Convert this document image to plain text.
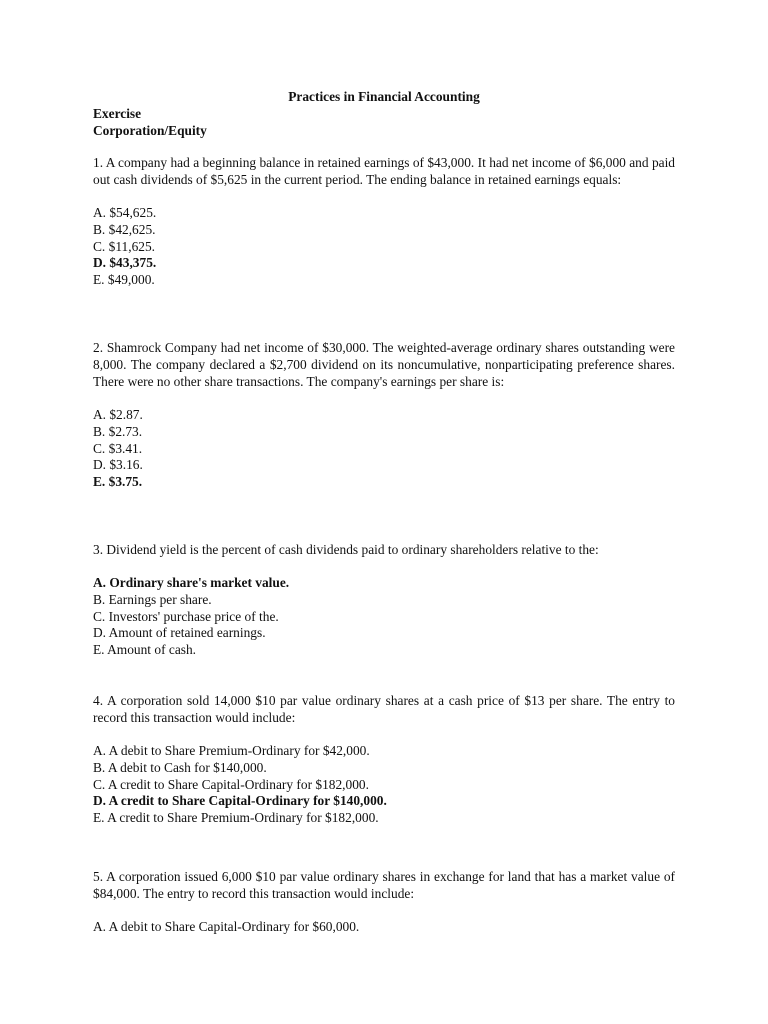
Practices in Financial Accounting

Exercise

Corporation/Equity

1. A company had a beginning balance in retained earnings of $43,000. It had net income of $6,000 and paid out cash dividends of $5,625 in the current period. The ending balance in retained earnings equals:

A. $54,625.
B. $42,625.
C. $11,625.
D. $43,375.
E. $49,000.

2. Shamrock Company had net income of $30,000. The weighted-average ordinary shares outstanding were 8,000. The company declared a $2,700 dividend on its noncumulative, nonparticipating preference shares. There were no other share transactions. The company's earnings per share is:

A. $2.87.
B. $2.73.
C. $3.41.
D. $3.16.
E. $3.75.

3. Dividend yield is the percent of cash dividends paid to ordinary shareholders relative to the:

A. Ordinary share's market value.
B. Earnings per share.
C. Investors' purchase price of the.
D. Amount of retained earnings.
E. Amount of cash.

4. A corporation sold 14,000 $10 par value ordinary shares at a cash price of $13 per share. The entry to record this transaction would include:

A. A debit to Share Premium-Ordinary for $42,000.
B. A debit to Cash for $140,000.
C. A credit to Share Capital-Ordinary for $182,000.
D. A credit to Share Capital-Ordinary for $140,000.
E. A credit to Share Premium-Ordinary for $182,000.

5. A corporation issued 6,000 $10 par value ordinary shares in exchange for land that has a market value of $84,000. The entry to record this transaction would include:

A. A debit to Share Capital-Ordinary for $60,000.
